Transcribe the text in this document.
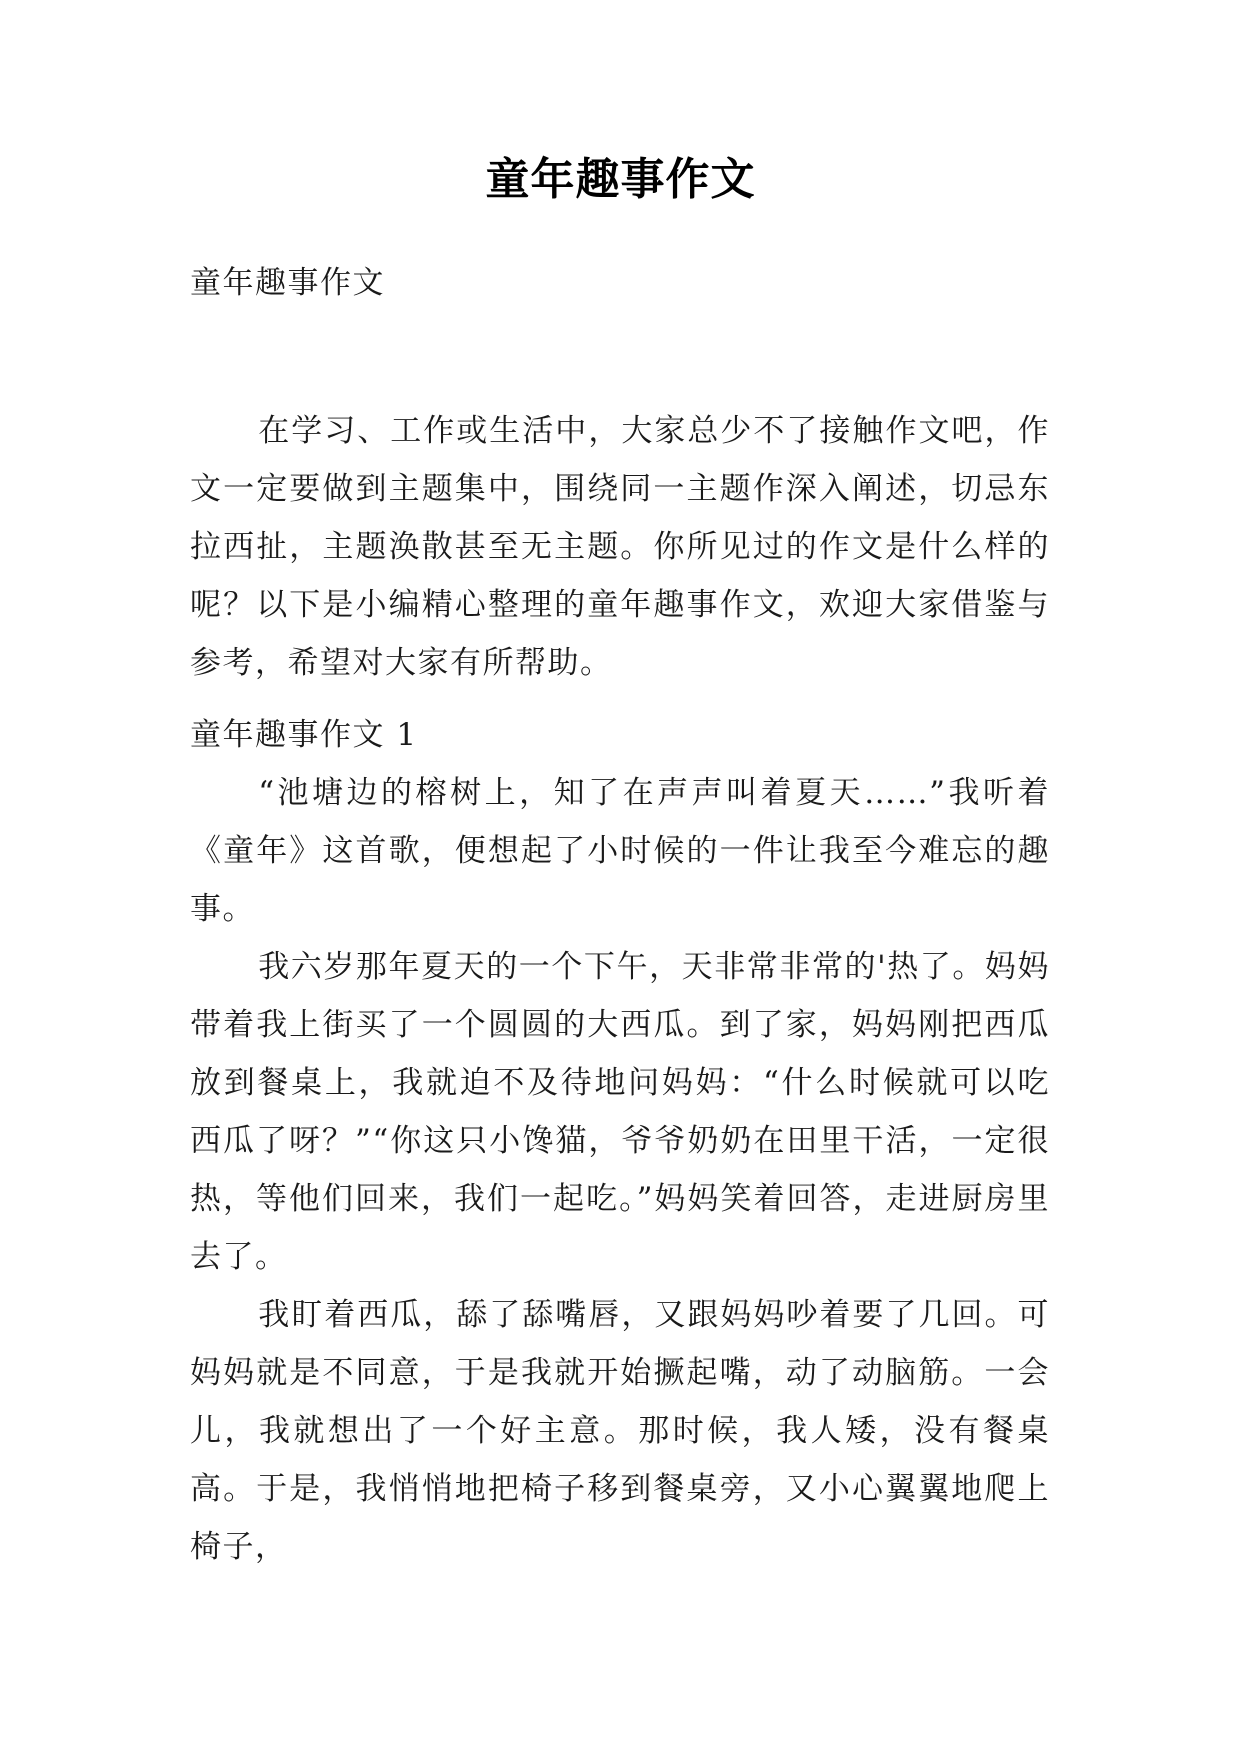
童年趣事作文
童年趣事作文

在学习、工作或生活中，大家总少不了接触作文吧，作文一定要做到主题集中，围绕同一主题作深入阐述，切忌东拉西扯，主题涣散甚至无主题。你所见过的作文是什么样的呢？以下是小编精心整理的童年趣事作文，欢迎大家借鉴与参考，希望对大家有所帮助。

童年趣事作文 1

“池塘边的榕树上，知了在声声叫着夏天……”我听着《童年》这首歌，便想起了小时候的一件让我至今难忘的趣事。

我六岁那年夏天的一个下午，天非常非常的'热了。妈妈带着我上街买了一个圆圆的大西瓜。到了家，妈妈刚把西瓜放到餐桌上，我就迫不及待地问妈妈：“什么时候就可以吃西瓜了呀？”“你这只小馋猫，爷爷奶奶在田里干活，一定很热，等他们回来，我们一起吃。”妈妈笑着回答，走进厨房里去了。

我盯着西瓜，舔了舔嘴唇，又跟妈妈吵着要了几回。可妈妈就是不同意，于是我就开始撅起嘴，动了动脑筋。一会儿，我就想出了一个好主意。那时候，我人矮，没有餐桌高。于是，我悄悄地把椅子移到餐桌旁，又小心翼翼地爬上椅子，
